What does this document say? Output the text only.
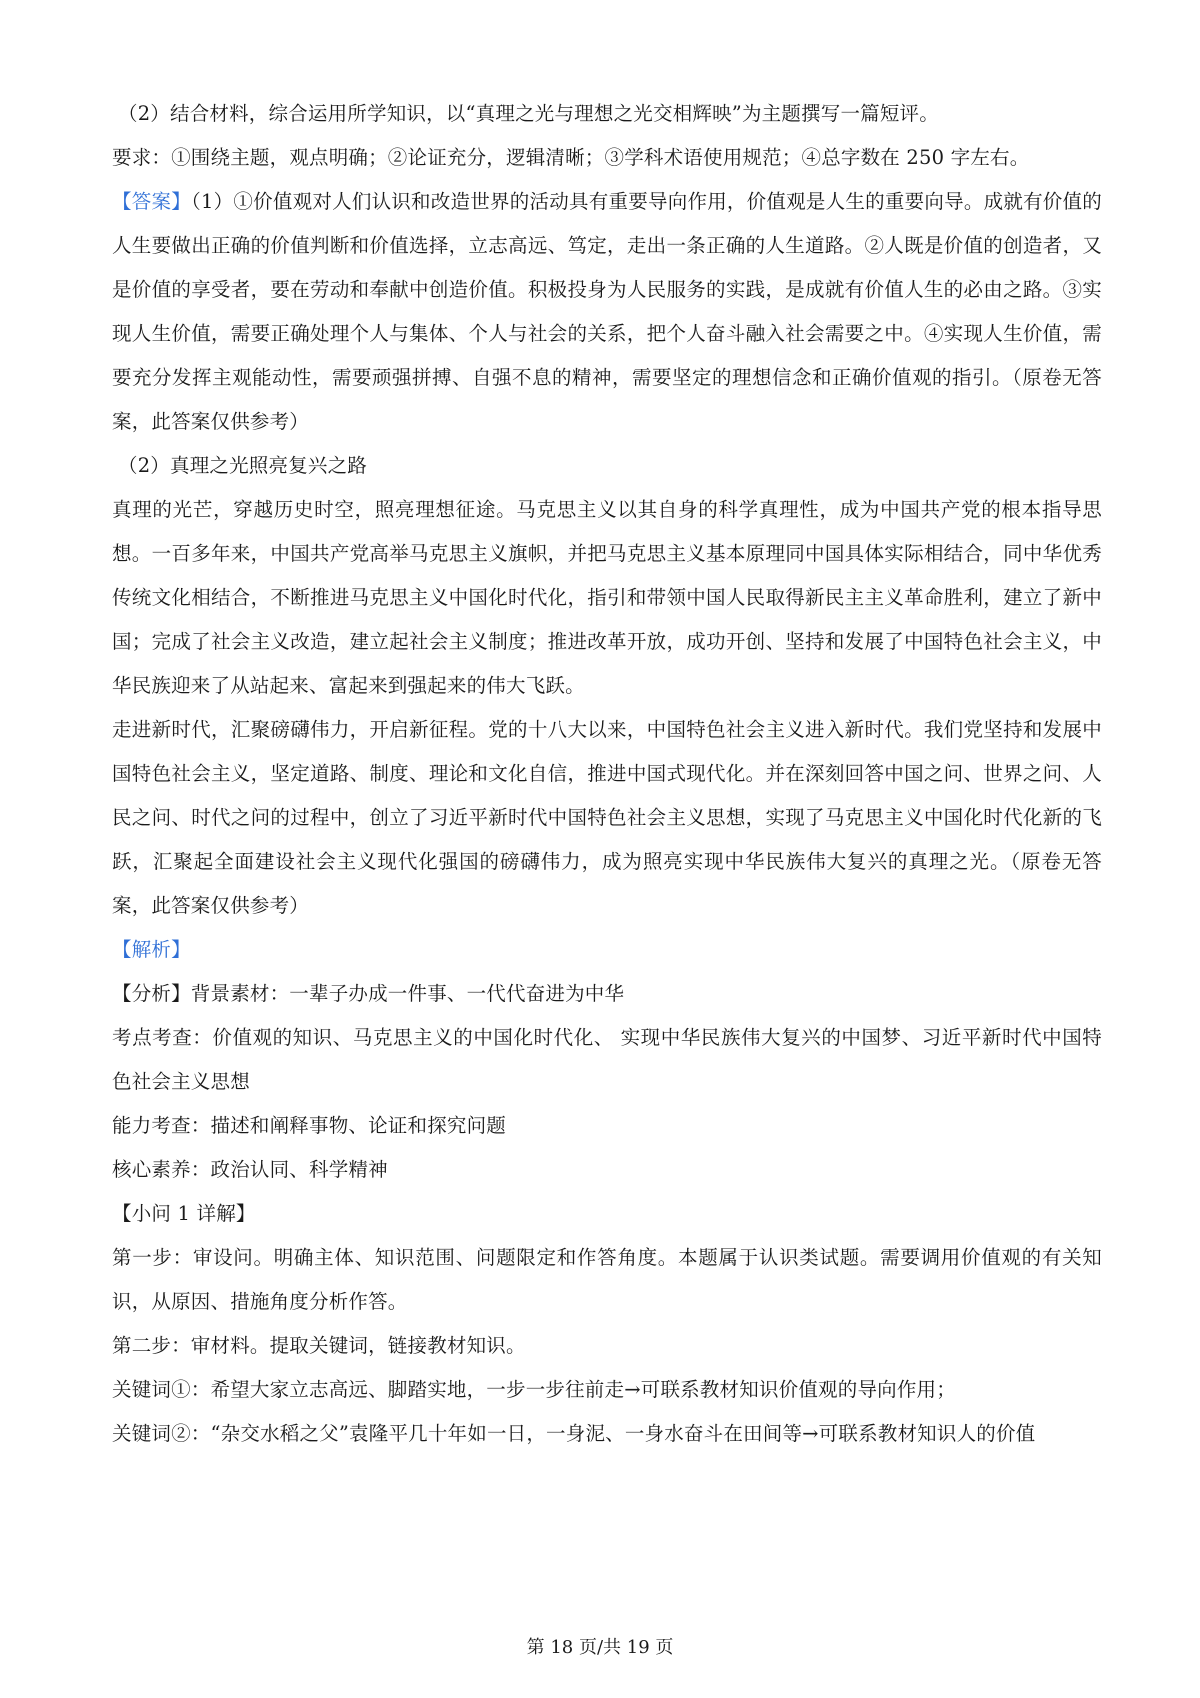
（2）结合材料，综合运用所学知识，以“真理之光与理想之光交相辉映”为主题撰写一篇短评。

要求：①围绕主题，观点明确；②论证充分，逻辑清晰；③学科术语使用规范；④总字数在 250 字左右。

【答案】（1）①价值观对人们认识和改造世界的活动具有重要导向作用，价值观是人生的重要向导。成就有价值的人生要做出正确的价值判断和价值选择，立志高远、笃定，走出一条正确的人生道路。②人既是价值的创造者，又是价值的享受者，要在劳动和奉献中创造价值。积极投身为人民服务的实践，是成就有价值人生的必由之路。③实现人生价值，需要正确处理个人与集体、个人与社会的关系，把个人奋斗融入社会需要之中。④实现人生价值，需要充分发挥主观能动性，需要顽强拼搏、自强不息的精神，需要坚定的理想信念和正确价值观的指引。（原卷无答案，此答案仅供参考）

（2）真理之光照亮复兴之路

真理的光芒，穿越历史时空，照亮理想征途。马克思主义以其自身的科学真理性，成为中国共产党的根本指导思想。一百多年来，中国共产党高举马克思主义旗帜，并把马克思主义基本原理同中国具体实际相结合，同中华优秀传统文化相结合，不断推进马克思主义中国化时代化，指引和带领中国人民取得新民主主义革命胜利，建立了新中国；完成了社会主义改造，建立起社会主义制度；推进改革开放，成功开创、坚持和发展了中国特色社会主义，中华民族迎来了从站起来、富起来到强起来的伟大飞跃。

走进新时代，汇聚磅礴伟力，开启新征程。党的十八大以来，中国特色社会主义进入新时代。我们党坚持和发展中国特色社会主义，坚定道路、制度、理论和文化自信，推进中国式现代化。并在深刻回答中国之问、世界之问、人民之问、时代之问的过程中，创立了习近平新时代中国特色社会主义思想，实现了马克思主义中国化时代化新的飞跃，汇聚起全面建设社会主义现代化强国的磅礴伟力，成为照亮实现中华民族伟大复兴的真理之光。（原卷无答案，此答案仅供参考）

【解析】

【分析】背景素材：一辈子办成一件事、一代代奋进为中华

考点考查：价值观的知识、马克思主义的中国化时代化、 实现中华民族伟大复兴的中国梦、习近平新时代中国特色社会主义思想

能力考查：描述和阐释事物、论证和探究问题

核心素养：政治认同、科学精神

【小问 1 详解】

第一步：审设问。明确主体、知识范围、问题限定和作答角度。本题属于认识类试题。需要调用价值观的有关知识，从原因、措施角度分析作答。

第二步：审材料。提取关键词，链接教材知识。

关键词①：希望大家立志高远、脚踏实地，一步一步往前走→可联系教材知识价值观的导向作用；

关键词②：“杂交水稻之父”袁隆平几十年如一日，一身泥、一身水奋斗在田间等→可联系教材知识人的价值

第 18 页/共 19 页
